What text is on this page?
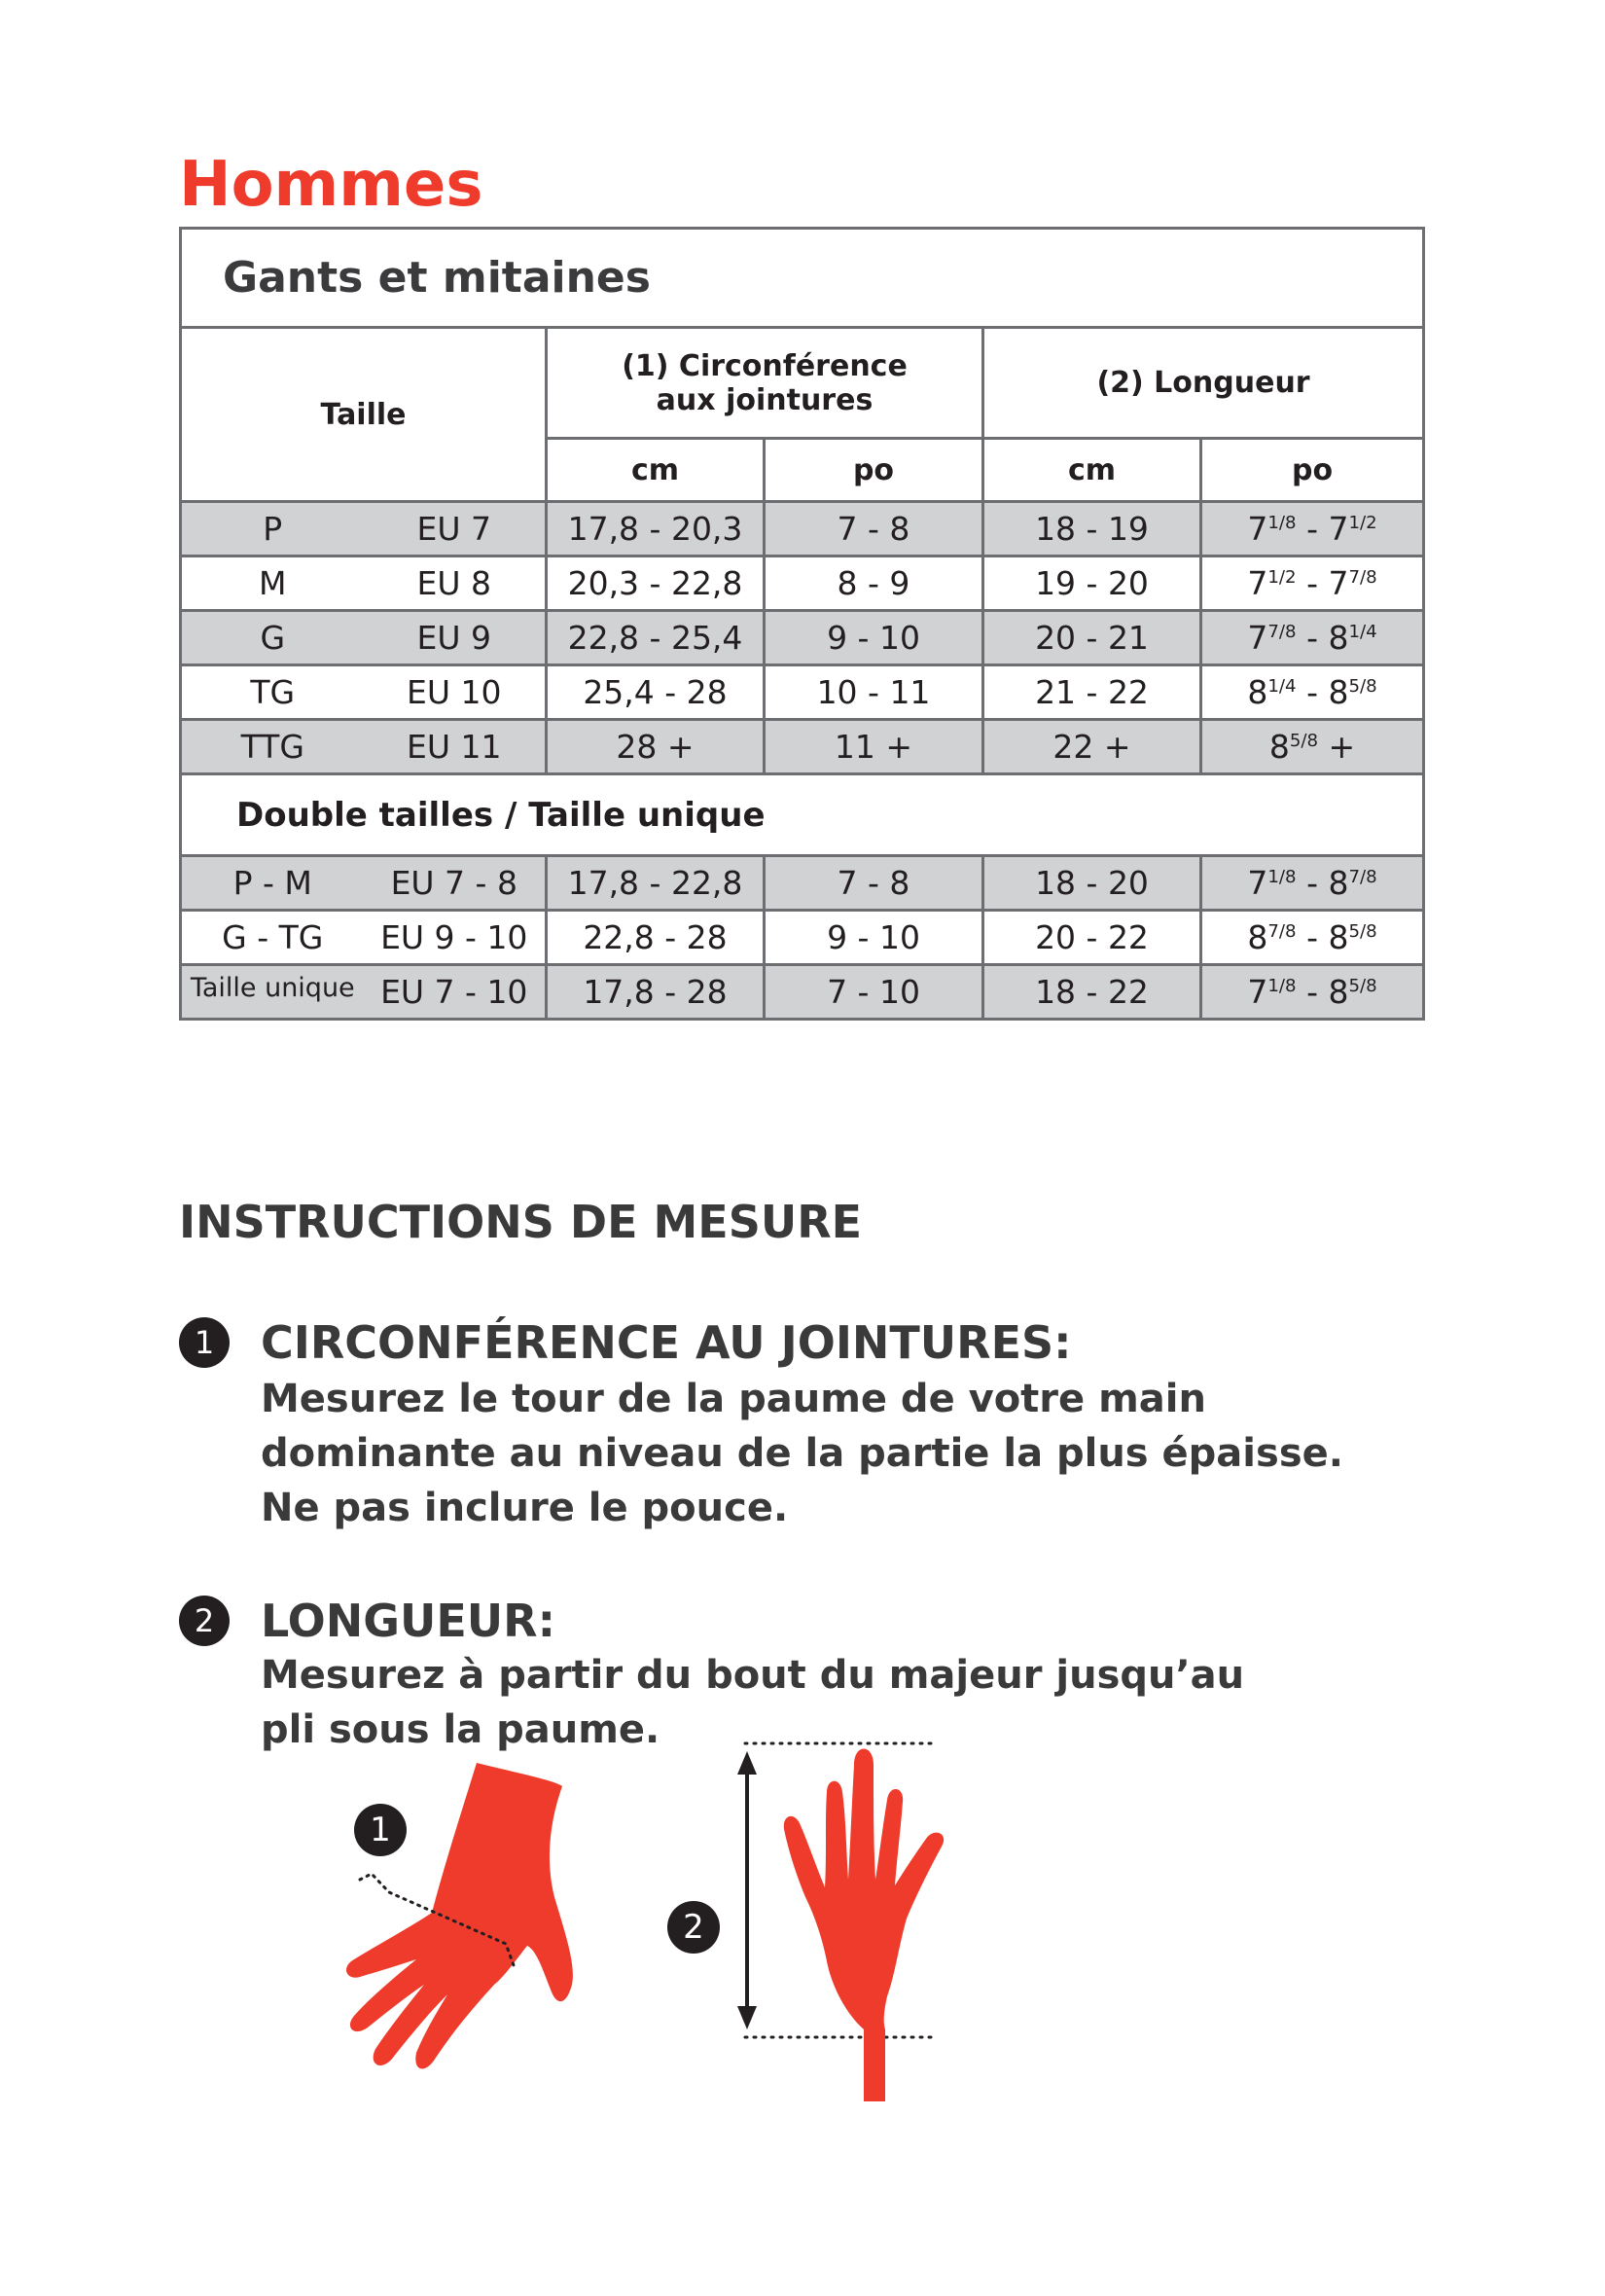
Hommes
Gants et mitaines				
Taille	(1) Circonférence
aux jointures		(2) Longueur	
	cm	po	cm	po

P EU 7	17,8 - 20,3	7 - 8	18 - 19	$7^{1/8} - 7^{1/2}$

M EU 8	20,3 - 22,8	8 - 9	19 - 20	$7^{1/2} - 7^{7/8}$

G EU 9	22,8 - 25,4	9 - 10	20 - 21	$7^{7/8} - 8^{1/4}$

TG EU 10	25,4 - 28	10 - 11	21 - 22	$8^{1/4} - 8^{5/8}$

TTG EU 11	28 +	11 +	22 +	$8^{5/8}$ +
Double tailles / Taille unique				

P - M EU 7 - 8	17,8 - 22,8	7 - 8	18 - 20	$7^{1/8} - 8^{7/8}$

G - TG EU 9 - 10	22,8 - 28	9 - 10	20 - 22	$8^{7/8} - 8^{5/8}$

Taille unique EU 7 - 10	17,8 - 28	7 - 10	18 - 22	$7^{1/8} - 8^{5/8}$
INSTRUCTIONS DE MESURE
1	CIRCONFÉRENCE AU JOINTURES:

Mesurez le tour de la paume de votre main

dominante au niveau de la partie la plus épaisse.

Ne pas inclure le pouce.

2	LONGUEUR:

Mesurez à partir du bout du majeur jusqu’au

pli sous la paume.

1
2
